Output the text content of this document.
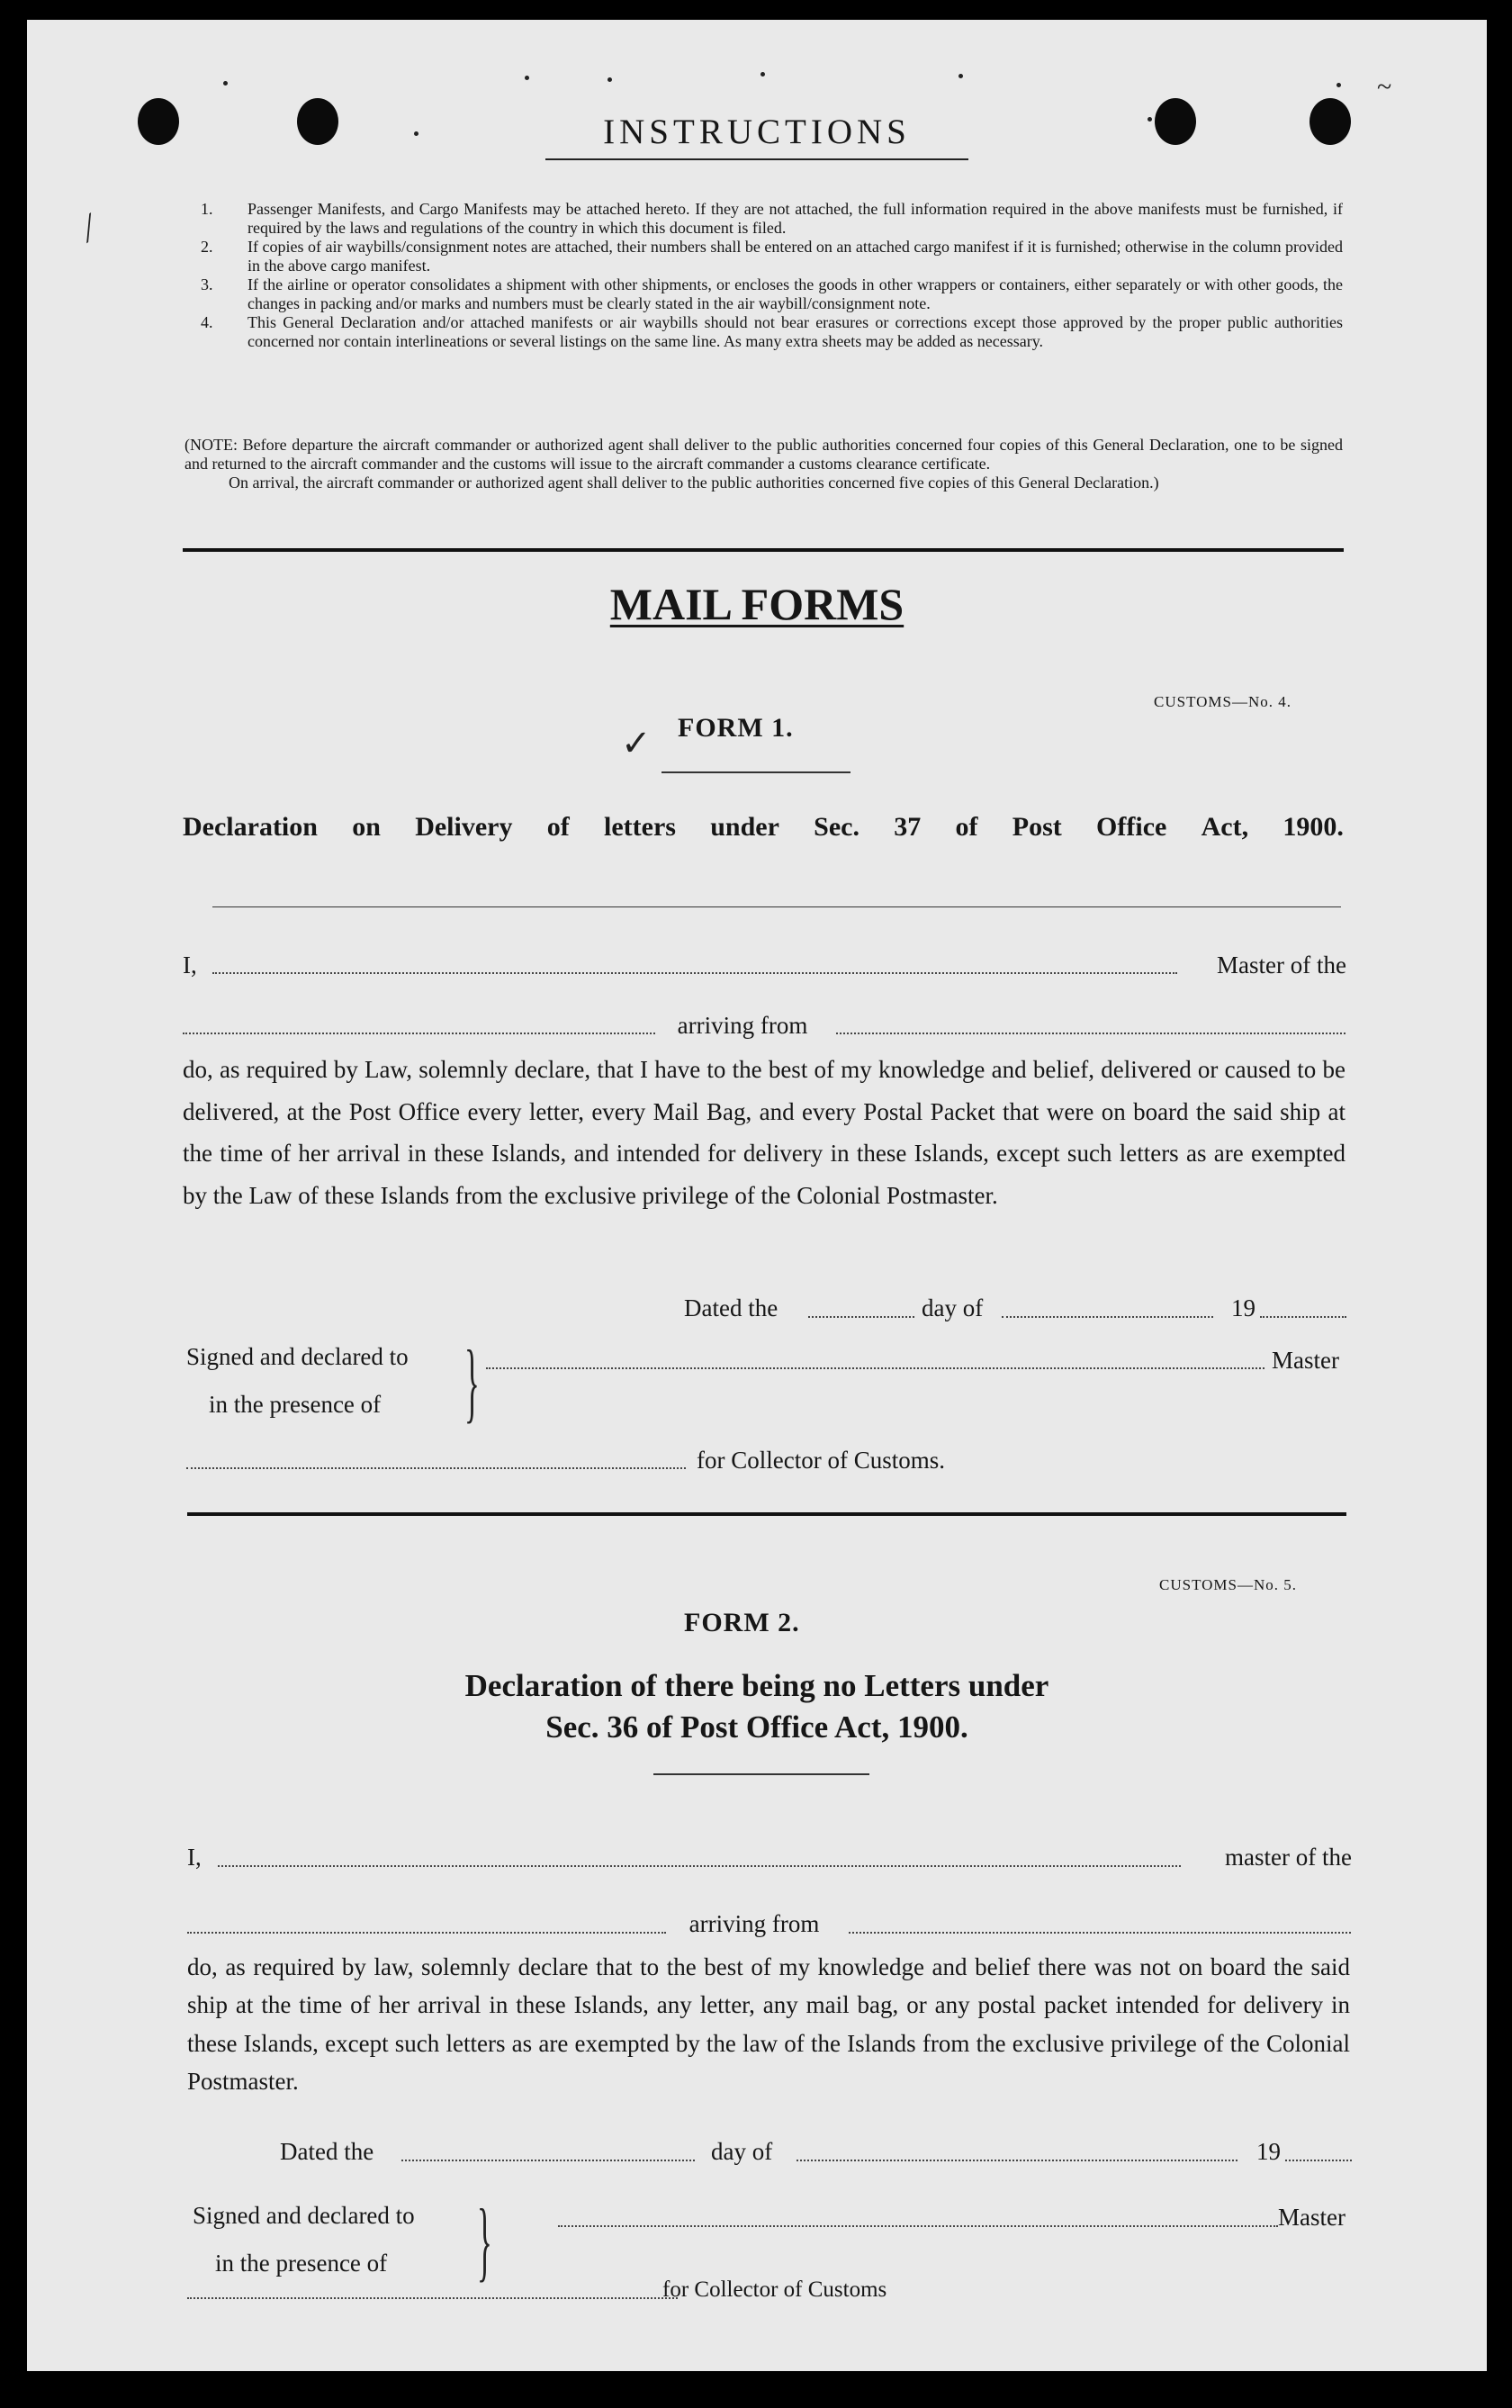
⟋
✓
~
INSTRUCTIONS
1. Passenger Manifests, and Cargo Manifests may be attached hereto. If they are not attached, the full information required in the above manifests must be furnished, if required by the laws and regulations of the country in which this document is filed.
2. If copies of air waybills/consignment notes are attached, their numbers shall be entered on an attached cargo manifest if it is furnished; otherwise in the column provided in the above cargo manifest.
3. If the airline or operator consolidates a shipment with other shipments, or encloses the goods in other wrappers or containers, either separately or with other goods, the changes in packing and/or marks and numbers must be clearly stated in the air waybill/consignment note.
4. This General Declaration and/or attached manifests or air waybills should not bear erasures or corrections except those approved by the proper public authorities concerned nor contain interlineations or several listings on the same line. As many extra sheets may be added as necessary.
(NOTE: Before departure the aircraft commander or authorized agent shall deliver to the public authorities concerned four copies of this General Declaration, one to be signed and returned to the aircraft commander and the customs will issue to the aircraft commander a customs clearance certificate.
On arrival, the aircraft commander or authorized agent shall deliver to the public authorities concerned five copies of this General Declaration.)
MAIL FORMS
CUSTOMS—No. 4.
FORM 1.
Declaration on Delivery of letters under Sec. 37 of Post Office Act, 1900.
I,	Master of the
arriving from

do, as required by Law, solemnly declare, that I have to the best of my knowledge and belief, delivered or caused to be delivered, at the Post Office every letter, every Mail Bag, and every Postal Packet that were on board the said ship at the time of her arrival in these Islands, and intended for delivery in these Islands, except such letters as are exempted by the Law of these Islands from the exclusive privilege of the Colonial Postmaster.

Dated the	day of	19
Signed and declared to
in the presence of }	Master
for Collector of Customs.
CUSTOMS—No. 5.
FORM 2.
Declaration of there being no Letters under
Sec. 36 of Post Office Act, 1900.
I,	master of the
arriving from

do, as required by law, solemnly declare that to the best of my knowledge and belief there was not on board the said ship at the time of her arrival in these Islands, any letter, any mail bag, or any postal packet intended for delivery in these Islands, except such letters as are exempted by the law of the Islands from the exclusive privilege of the Colonial Postmaster.

Dated the	day of	19
Signed and declared to
in the presence of }	Master
for Collector of Customs
